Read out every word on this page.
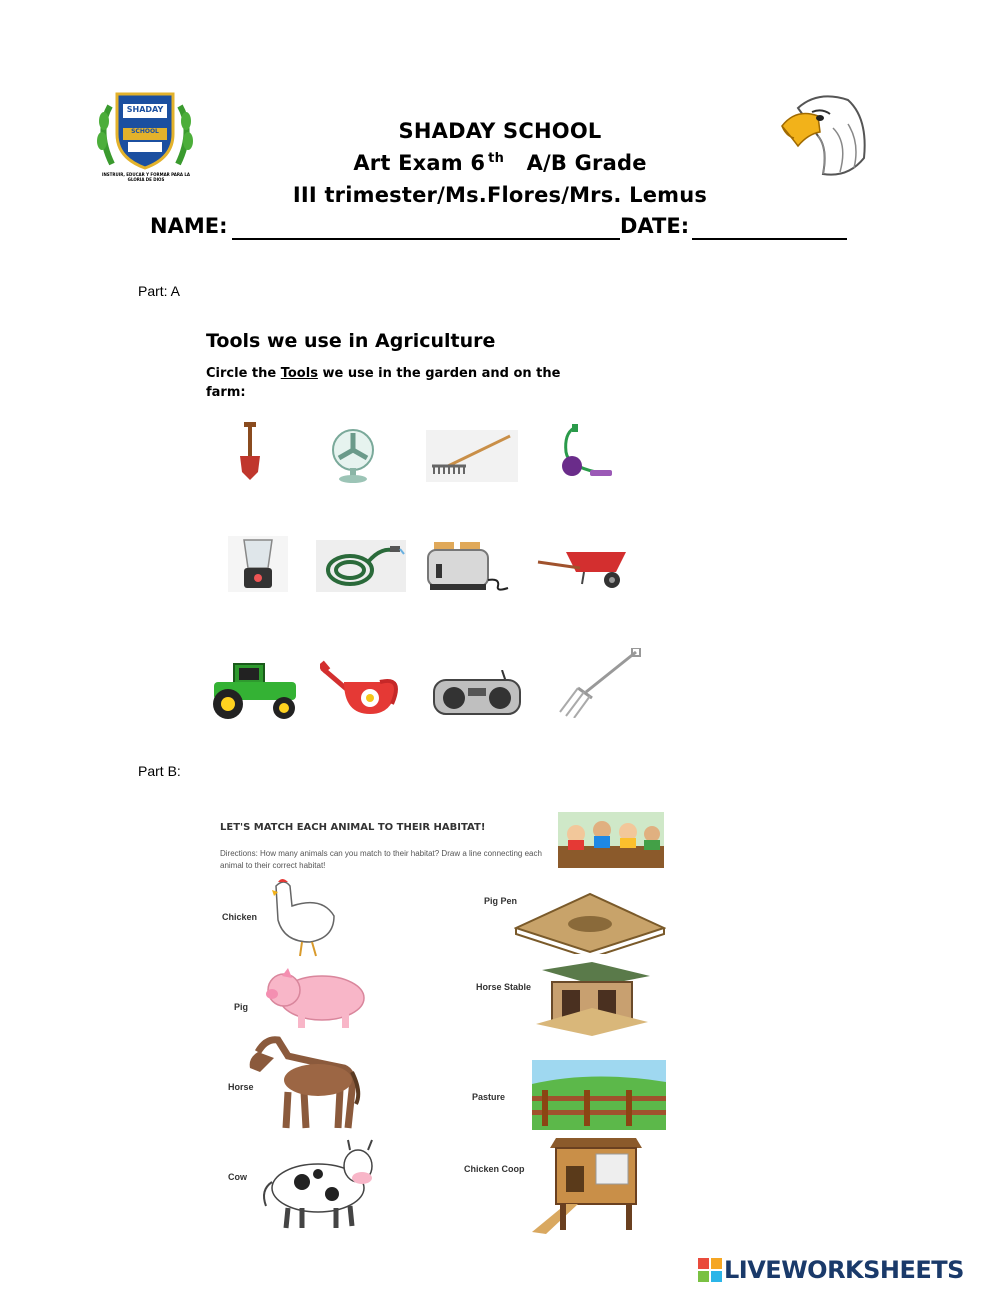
SHADAY
SCHOOL
INSTRUIR, EDUCAR Y FORMAR PARA LA GLORIA DE DIOS
SHADAY SCHOOL
Art Exam 6 $^{th}$ A/B Grade
III trimester/Ms.Flores/Mrs. Lemus
NAME:	DATE:
Part: A
Tools we use in Agriculture
Circle the Tools we use in the garden and on the
farm:
Part B:
LET'S MATCH EACH ANIMAL TO THEIR HABITAT!
Directions: How many animals can you match to their habitat? Draw a line connecting each animal to their correct habitat!
Chicken
Pig
Horse
Cow
Pig Pen
Horse Stable
Pasture
Chicken Coop
LIVEWORKSHEETS
